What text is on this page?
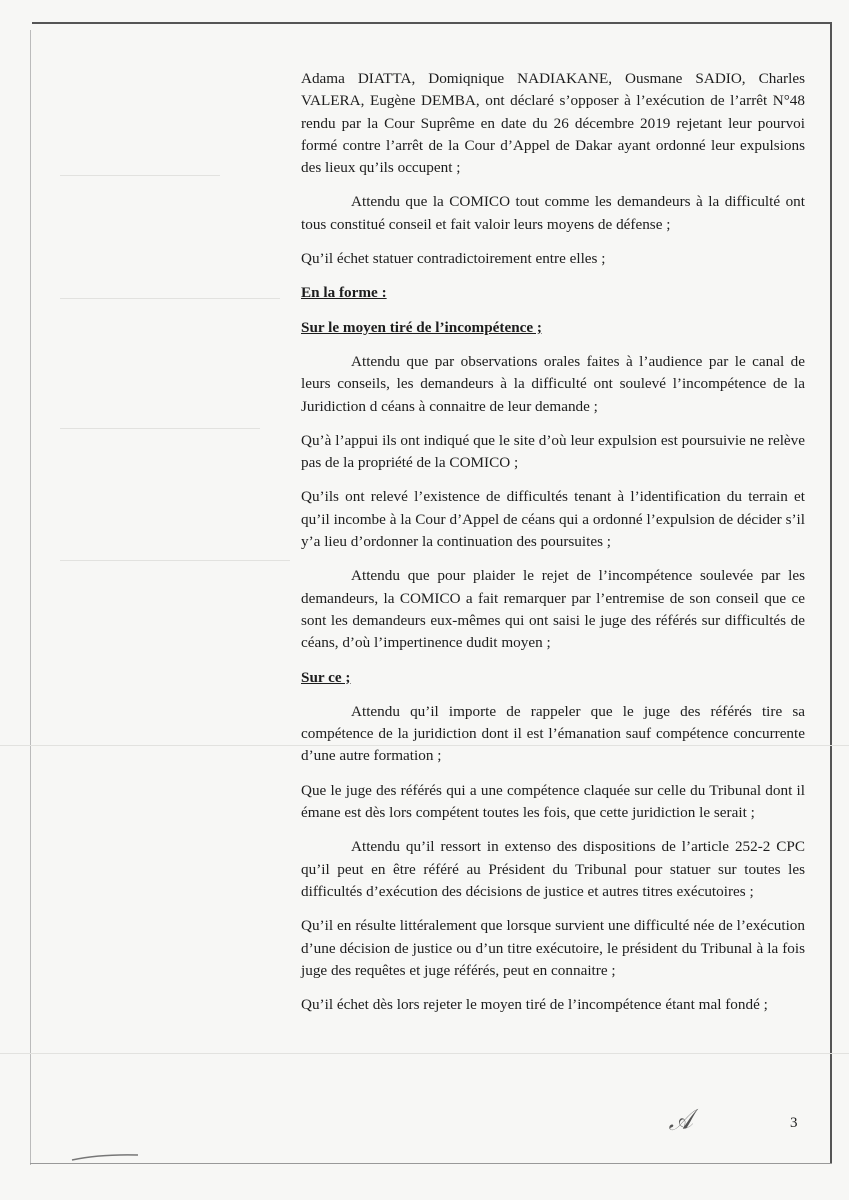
Adama DIATTA, Domiqnique NADIAKANE, Ousmane SADIO, Charles VALERA, Eugène DEMBA, ont déclaré s’opposer à l’exécution de l’arrêt N°48 rendu par la Cour Suprême en date du 26 décembre 2019 rejetant leur pourvoi formé contre l’arrêt de la Cour d’Appel de Dakar ayant ordonné leur expulsions des lieux qu’ils occupent ;

Attendu que la COMICO tout comme les demandeurs à la difficulté ont tous constitué conseil et fait valoir leurs moyens de défense ;

Qu’il échet statuer contradictoirement entre elles ;

En la forme :

Sur le moyen tiré de l’incompétence ;

Attendu que par observations orales faites à l’audience par le canal de leurs conseils, les demandeurs à la difficulté ont soulevé l’incompétence de la Juridiction d céans à connaitre de leur demande ;

Qu’à l’appui ils ont indiqué que le site d’où leur expulsion est poursuivie ne relève pas de la propriété de la COMICO ;

Qu’ils ont relevé l’existence de difficultés tenant à l’identification du terrain et qu’il incombe à la Cour d’Appel de céans qui a ordonné l’expulsion de décider s’il y’a lieu d’ordonner la continuation des poursuites ;

Attendu que pour plaider le rejet de l’incompétence soulevée par les demandeurs, la COMICO a fait remarquer par l’entremise de son conseil que ce sont les demandeurs eux-mêmes qui ont saisi le juge des référés sur difficultés de céans, d’où l’impertinence dudit moyen ;

Sur ce ;

Attendu qu’il importe de rappeler que le juge des référés tire sa compétence de la juridiction dont il est l’émanation sauf compétence concurrente d’une autre formation ;

Que le juge des référés qui a une compétence claquée sur celle du Tribunal dont il émane est dès lors compétent toutes les fois, que cette juridiction le serait ;

Attendu qu’il ressort in extenso des dispositions de l’article 252-2 CPC qu’il peut en être référé au Président du Tribunal pour statuer sur toutes les difficultés d’exécution des décisions de justice et autres titres exécutoires ;

Qu’il en résulte littéralement que lorsque survient une difficulté née de l’exécution d’une décision de justice ou d’un titre exécutoire, le président du Tribunal à la fois juge des requêtes et juge référés, peut en connaitre ;

Qu’il échet dès lors rejeter le moyen tiré de l’incompétence étant mal fondé ;

𝒜	3
